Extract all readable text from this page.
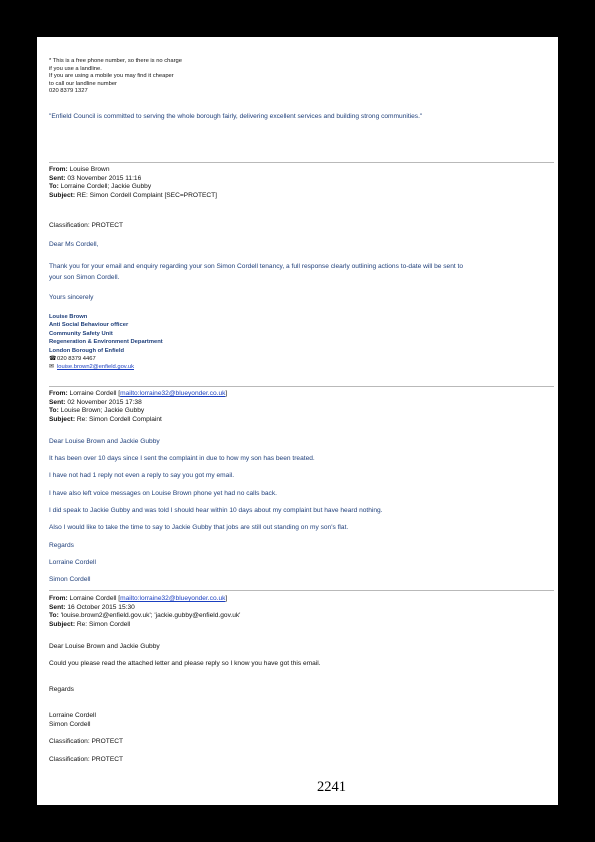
* This is a free phone number, so there is no charge
if you use a landline.
If you are using a mobile you may find it cheaper
to call our landline number
020 8379 1327
"Enfield Council is committed to serving the whole borough fairly, delivering excellent services and building strong communities."
From: Louise Brown
Sent: 03 November 2015 11:16
To: Lorraine Cordell; Jackie Gubby
Subject: RE: Simon Cordell Complaint [SEC=PROTECT]
Classification: PROTECT
Dear Ms Cordell,
Thank you for your email and enquiry regarding your son Simon Cordell tenancy, a full response clearly outlining actions to-date will be sent to
your son Simon Cordell.
Yours sincerely
Louise Brown
Anti Social Behaviour officer
Community Safety Unit
Regeneration & Environment Department
London Borough of Enfield
☎020 8379 4467
✉ louise.brown2@enfield.gov.uk
From: Lorraine Cordell [mailto:lorraine32@blueyonder.co.uk]
Sent: 02 November 2015 17:38
To: Louise Brown; Jackie Gubby
Subject: Re: Simon Cordell Complaint
Dear Louise Brown and Jackie Gubby
It has been over 10 days since I sent the complaint in due to how my son has been treated.
I have not had 1 reply not even a reply to say you got my email.
I have also left voice messages on Louise Brown phone yet had no calls back.
I did speak to Jackie Gubby and was told I should hear within 10 days about my complaint but have heard nothing.
Also I would like to take the time to say to Jackie Gubby that jobs are still out standing on my son's flat.
Regards
Lorraine Cordell
Simon Cordell
From: Lorraine Cordell [mailto:lorraine32@blueyonder.co.uk]
Sent: 16 October 2015 15:30
To: 'louise.brown2@enfield.gov.uk'; 'jackie.gubby@enfield.gov.uk'
Subject: Re: Simon Cordell
Dear Louise Brown and Jackie Gubby
Could you please read the attached letter and please reply so I know you have got this email.
Regards
Lorraine Cordell
Simon Cordell
Classification: PROTECT
Classification: PROTECT
2241
